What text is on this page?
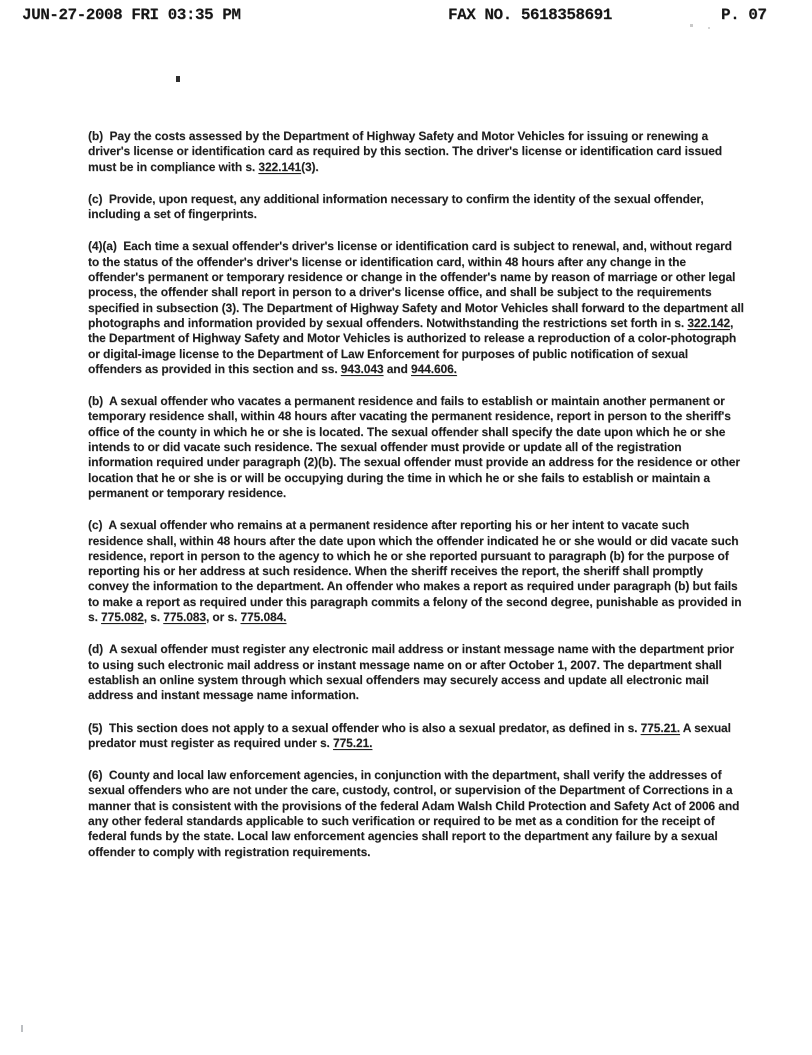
JUN-27-2008 FRI 03:35 PM	FAX NO. 5618358691	P. 07

(b)  Pay the costs assessed by the Department of Highway Safety and Motor Vehicles for issuing or renewing a driver's license or identification card as required by this section. The driver's license or identification card issued must be in compliance with s. 322.141(3).

(c)  Provide, upon request, any additional information necessary to confirm the identity of the sexual offender, including a set of fingerprints.

(4)(a)  Each time a sexual offender's driver's license or identification card is subject to renewal, and, without regard to the status of the offender's driver's license or identification card, within 48 hours after any change in the offender's permanent or temporary residence or change in the offender's name by reason of marriage or other legal process, the offender shall report in person to a driver's license office, and shall be subject to the requirements specified in subsection (3). The Department of Highway Safety and Motor Vehicles shall forward to the department all photographs and information provided by sexual offenders. Notwithstanding the restrictions set forth in s. 322.142, the Department of Highway Safety and Motor Vehicles is authorized to release a reproduction of a color-photograph or digital-image license to the Department of Law Enforcement for purposes of public notification of sexual offenders as provided in this section and ss. 943.043 and 944.606.

(b)  A sexual offender who vacates a permanent residence and fails to establish or maintain another permanent or temporary residence shall, within 48 hours after vacating the permanent residence, report in person to the sheriff's office of the county in which he or she is located. The sexual offender shall specify the date upon which he or she intends to or did vacate such residence. The sexual offender must provide or update all of the registration information required under paragraph (2)(b). The sexual offender must provide an address for the residence or other location that he or she is or will be occupying during the time in which he or she fails to establish or maintain a permanent or temporary residence.

(c)  A sexual offender who remains at a permanent residence after reporting his or her intent to vacate such residence shall, within 48 hours after the date upon which the offender indicated he or she would or did vacate such residence, report in person to the agency to which he or she reported pursuant to paragraph (b) for the purpose of reporting his or her address at such residence. When the sheriff receives the report, the sheriff shall promptly convey the information to the department. An offender who makes a report as required under paragraph (b) but fails to make a report as required under this paragraph commits a felony of the second degree, punishable as provided in s. 775.082, s. 775.083, or s. 775.084.

(d)  A sexual offender must register any electronic mail address or instant message name with the department prior to using such electronic mail address or instant message name on or after October 1, 2007. The department shall establish an online system through which sexual offenders may securely access and update all electronic mail address and instant message name information.

(5)  This section does not apply to a sexual offender who is also a sexual predator, as defined in s. 775.21. A sexual predator must register as required under s. 775.21.

(6)  County and local law enforcement agencies, in conjunction with the department, shall verify the addresses of sexual offenders who are not under the care, custody, control, or supervision of the Department of Corrections in a manner that is consistent with the provisions of the federal Adam Walsh Child Protection and Safety Act of 2006 and any other federal standards applicable to such verification or required to be met as a condition for the receipt of federal funds by the state. Local law enforcement agencies shall report to the department any failure by a sexual offender to comply with registration requirements.
